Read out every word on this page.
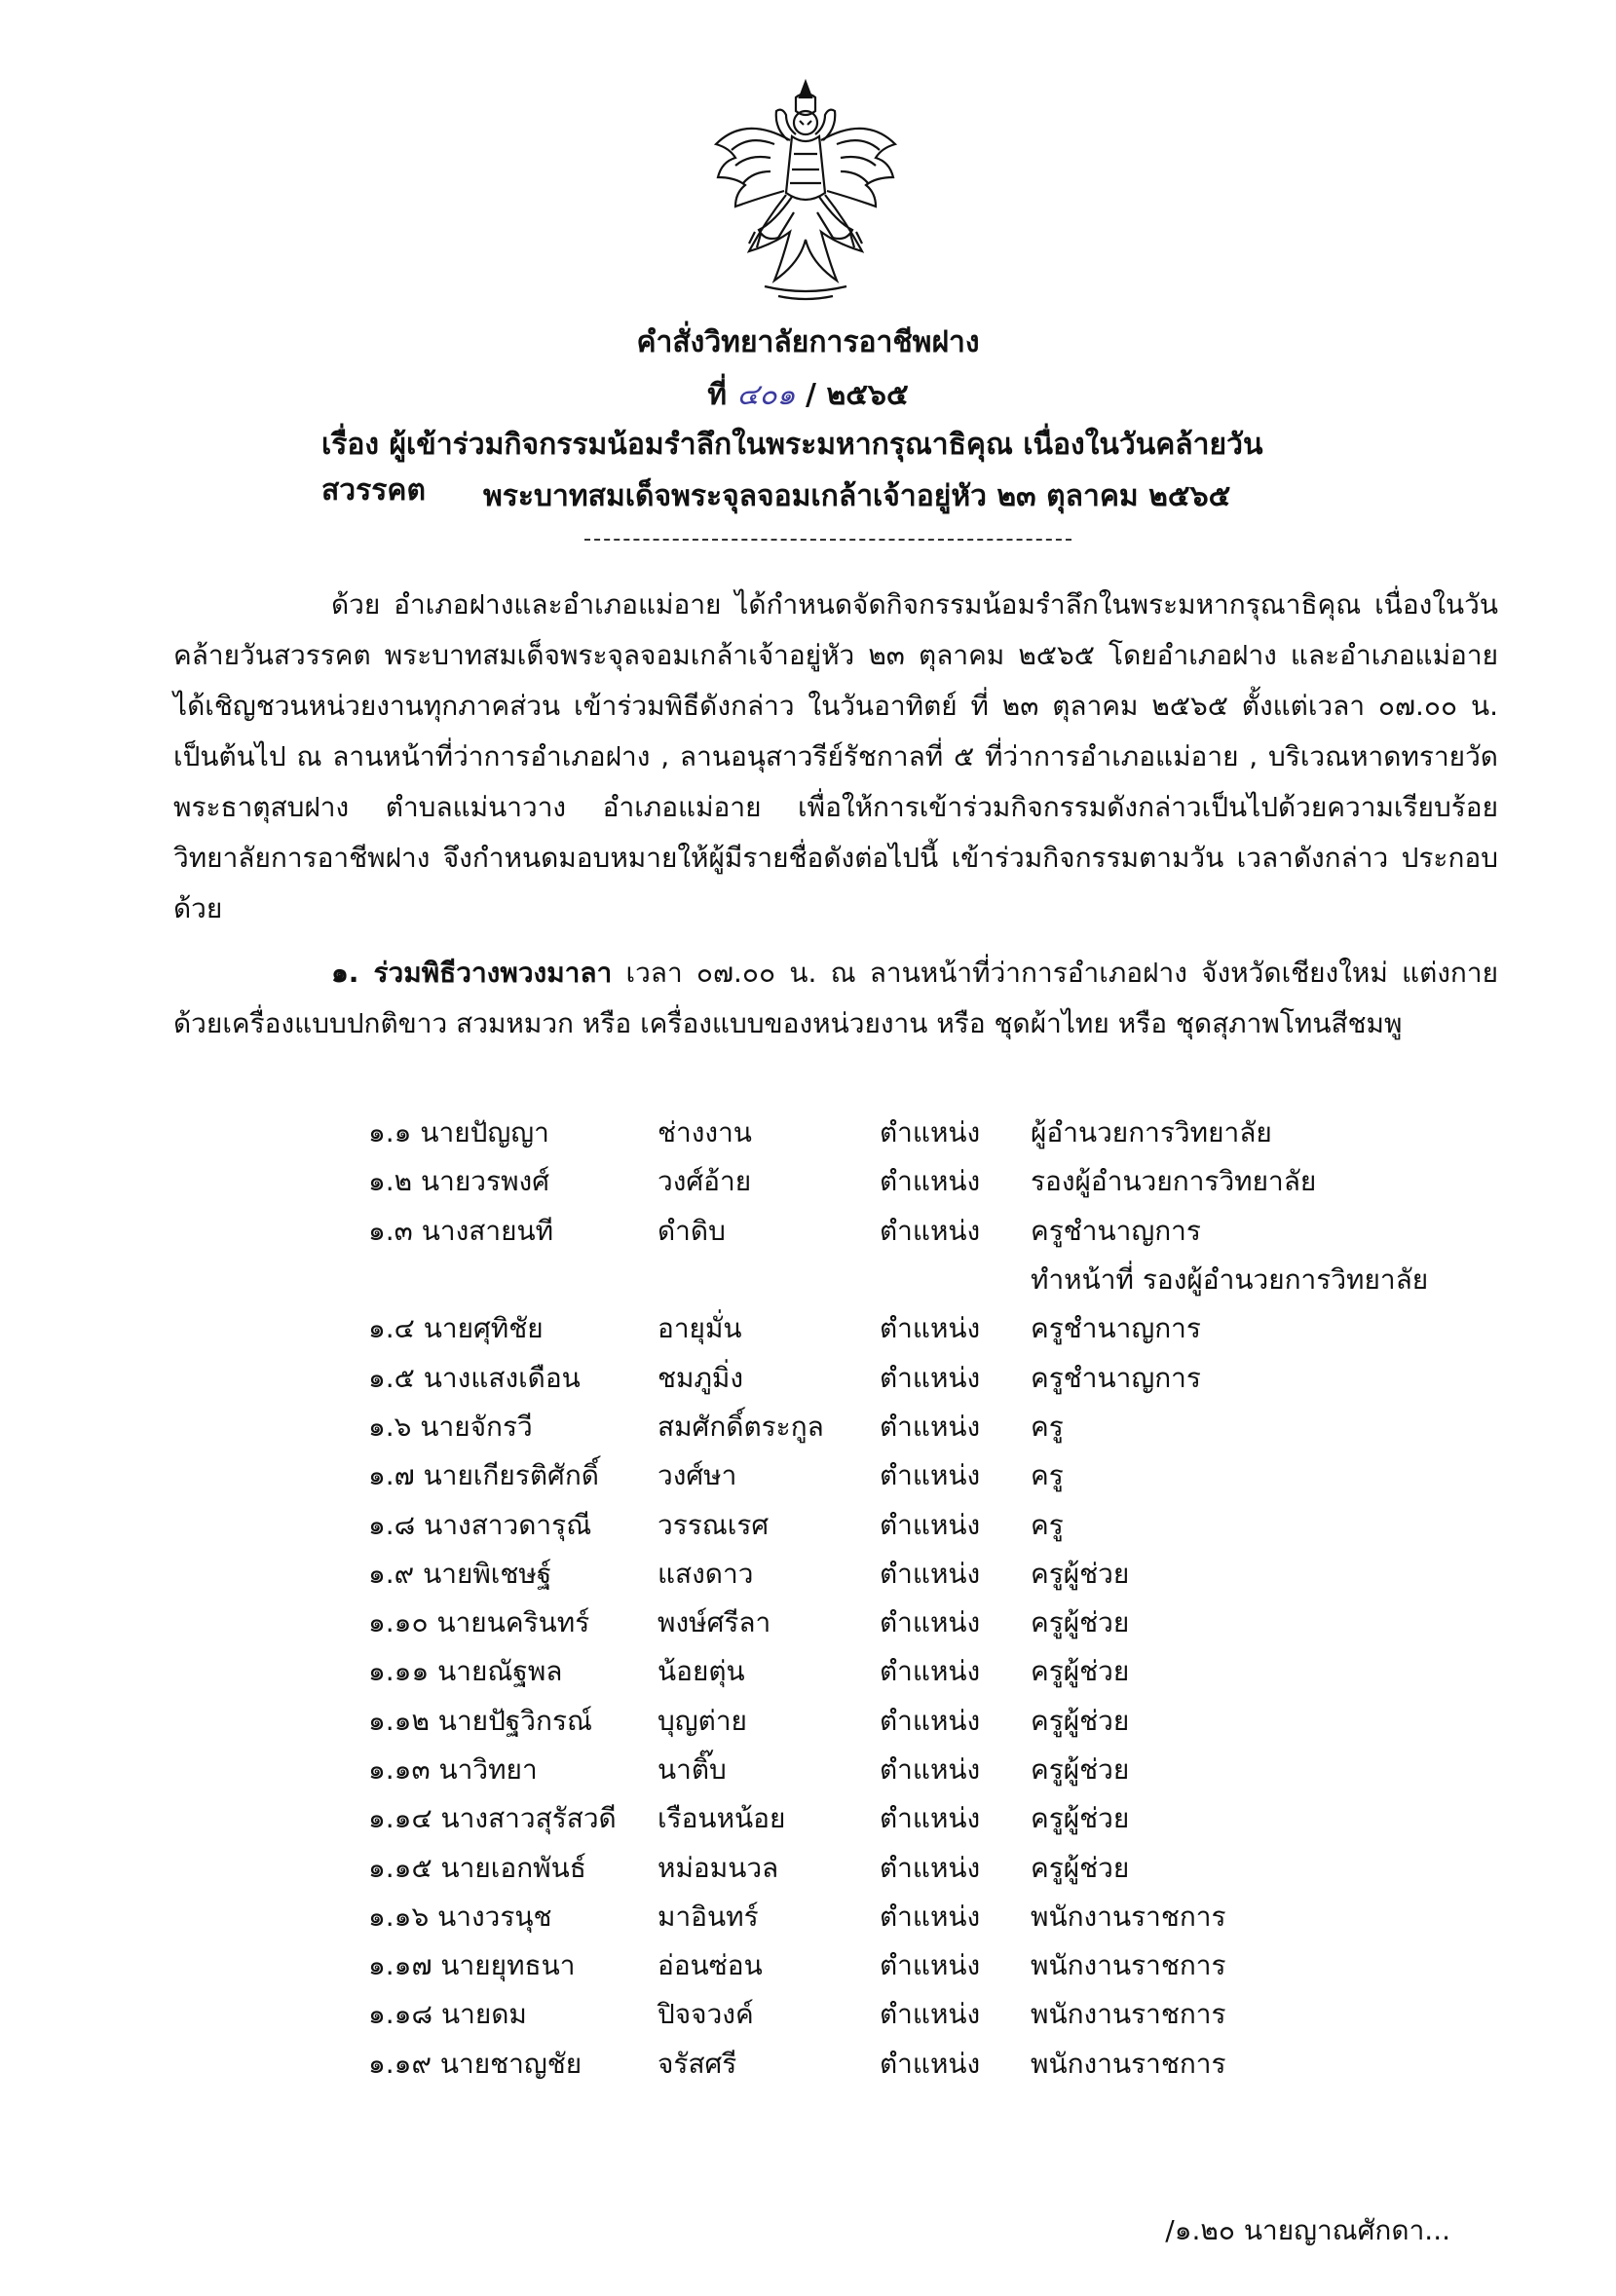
คำสั่งวิทยาลัยการอาชีพฝาง
ที่ ๔๐๑ / ๒๕๖๕
เรื่อง ผู้เข้าร่วมกิจกรรมน้อมรำลึกในพระมหากรุณาธิคุณ เนื่องในวันคล้ายวันสวรรคต	พระบาทสมเด็จพระจุลจอมเกล้าเจ้าอยู่หัว ๒๓ ตุลาคม ๒๕๖๕
ด้วย อำเภอฝางและอำเภอแม่อาย ได้กำหนดจัดกิจกรรมน้อมรำลึกในพระมหากรุณาธิคุณ เนื่องในวันคล้ายวันสวรรคต พระบาทสมเด็จพระจุลจอมเกล้าเจ้าอยู่หัว ๒๓ ตุลาคม ๒๕๖๕ โดยอำเภอฝาง และอำเภอแม่อาย ได้เชิญชวนหน่วยงานทุกภาคส่วน เข้าร่วมพิธีดังกล่าว ในวันอาทิตย์ ที่ ๒๓ ตุลาคม ๒๕๖๕ ตั้งแต่เวลา ๐๗.๐๐ น. เป็นต้นไป ณ ลานหน้าที่ว่าการอำเภอฝาง , ลานอนุสาวรีย์รัชกาลที่ ๕ ที่ว่าการอำเภอแม่อาย , บริเวณหาดทรายวัดพระธาตุสบฝาง ตำบลแม่นาวาง อำเภอแม่อาย เพื่อให้การเข้าร่วมกิจกรรมดังกล่าวเป็นไปด้วยความเรียบร้อย วิทยาลัยการอาชีพฝาง จึงกำหนดมอบหมายให้ผู้มีรายชื่อดังต่อไปนี้ เข้าร่วมกิจกรรมตามวัน เวลาดังกล่าว ประกอบด้วย
๑. ร่วมพิธีวางพวงมาลา เวลา ๐๗.๐๐ น. ณ ลานหน้าที่ว่าการอำเภอฝาง จังหวัดเชียงใหม่ แต่งกายด้วยเครื่องแบบปกติขาว สวมหมวก หรือ เครื่องแบบของหน่วยงาน หรือ ชุดผ้าไทย หรือ ชุดสุภาพโทนสีชมพู
๑.๑ นายปัญญา	ช่างงาน	ตำแหน่ง	ผู้อำนวยการวิทยาลัย
๑.๒ นายวรพงศ์	วงศ์อ้าย	ตำแหน่ง	รองผู้อำนวยการวิทยาลัย
๑.๓ นางสายนที	ดำดิบ	ตำแหน่ง	ครูชำนาญการ
ทำหน้าที่ รองผู้อำนวยการวิทยาลัย
๑.๔ นายศุทิชัย	อายุมั่น	ตำแหน่ง	ครูชำนาญการ
๑.๕ นางแสงเดือน	ชมภูมิ่ง	ตำแหน่ง	ครูชำนาญการ
๑.๖ นายจักรวี	สมศักดิ์ตระกูล	ตำแหน่ง	ครู
๑.๗ นายเกียรติศักดิ์	วงศ์ษา	ตำแหน่ง	ครู
๑.๘ นางสาวดารุณี	วรรณเรศ	ตำแหน่ง	ครู
๑.๙ นายพิเชษฐ์	แสงดาว	ตำแหน่ง	ครูผู้ช่วย
๑.๑๐ นายนครินทร์	พงษ์ศรีลา	ตำแหน่ง	ครูผู้ช่วย
๑.๑๑ นายณัฐพล	น้อยตุ่น	ตำแหน่ง	ครูผู้ช่วย
๑.๑๒ นายปัฐวิกรณ์	บุญต่าย	ตำแหน่ง	ครูผู้ช่วย
๑.๑๓ นาวิทยา	นาติ๊บ	ตำแหน่ง	ครูผู้ช่วย
๑.๑๔ นางสาวสุรัสวดี	เรือนหน้อย	ตำแหน่ง	ครูผู้ช่วย
๑.๑๕ นายเอกพันธ์	หม่อมนวล	ตำแหน่ง	ครูผู้ช่วย
๑.๑๖ นางวรนุช	มาอินทร์	ตำแหน่ง	พนักงานราชการ
๑.๑๗ นายยุทธนา	อ่อนซ่อน	ตำแหน่ง	พนักงานราชการ
๑.๑๘ นายดม	ปิจจวงค์	ตำแหน่ง	พนักงานราชการ
๑.๑๙ นายชาญชัย	จรัสศรี	ตำแหน่ง	พนักงานราชการ
/๑.๒๐ นายญาณศักดา...
